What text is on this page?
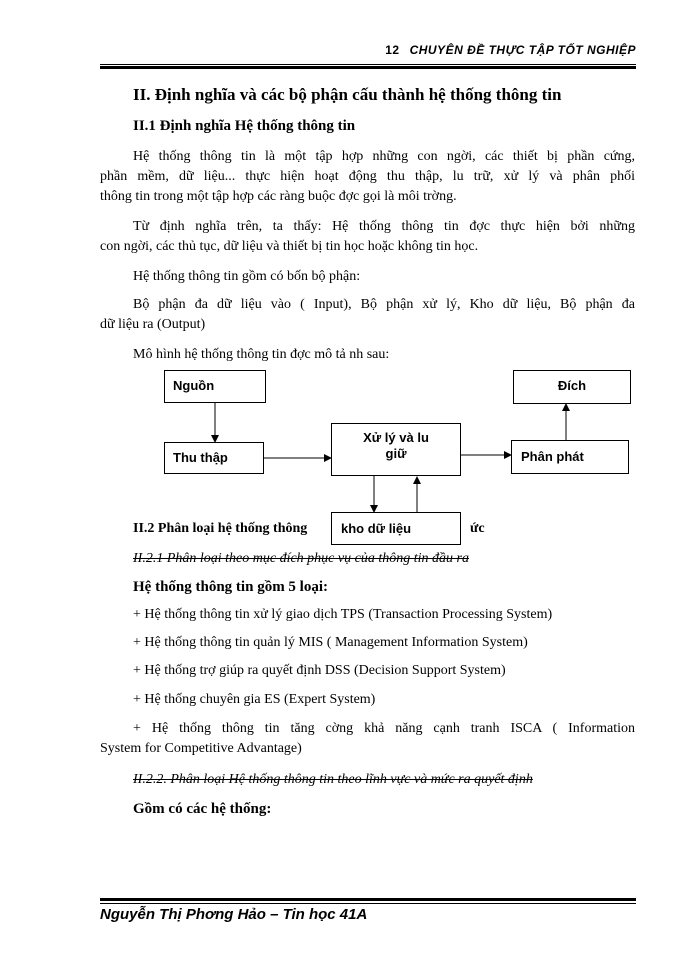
12 CHUYÊN ĐỀ THỰC TẬP TỐT NGHIỆP
II. Định nghĩa và các bộ phận cấu thành hệ thống thông tin
II.1 Định nghĩa Hệ thống thông tin
Hệ thống thông tin là một tập hợp những con ngời, các thiết bị phần cứng,
phần mềm, dữ liệu... thực hiện hoạt động thu thập, lu trữ, xử lý và phân phối
thông tin trong một tập hợp các ràng buộc đợc gọi là môi trờng.
Từ định nghĩa trên, ta thấy: Hệ thống thông tin đợc thực hiện bởi những
con ngời, các thủ tục, dữ liệu và thiết bị tin học hoặc không tin học.
Hệ thống thông tin gồm có bốn bộ phận:
Bộ phận đa dữ liệu vào ( Input), Bộ phận xử lý, Kho dữ liệu, Bộ phận đa
dữ liệu ra (Output)
Mô hình hệ thống thông tin đợc mô tả nh sau:
Nguồn
Thu thập
Xử lý và lu
giữ	Phân phát
Đích
II.2 Phân loại hệ thống thông	ức
kho dữ liệu
II.2.1 Phân loại theo mục đích phục vụ của thông tin đầu ra
Hệ thống thông tin gồm 5 loại:
+ Hệ thống thông tin xử lý giao dịch TPS (Transaction Processing System)
+ Hệ thống thông tin quản lý MIS ( Management Information System)
+ Hệ thống trợ giúp ra quyết định DSS (Decision Support System)
+ Hệ thống chuyên gia ES (Expert System)
+ Hệ thống thông tin tăng cờng khả năng cạnh tranh ISCA ( Information
System for Competitive Advantage)
II.2.2. Phân loại Hệ thống thông tin theo lĩnh vực và mức ra quyết định
Gồm có các hệ thống:
Nguyễn Thị Phơng Hảo – Tin học 41A
